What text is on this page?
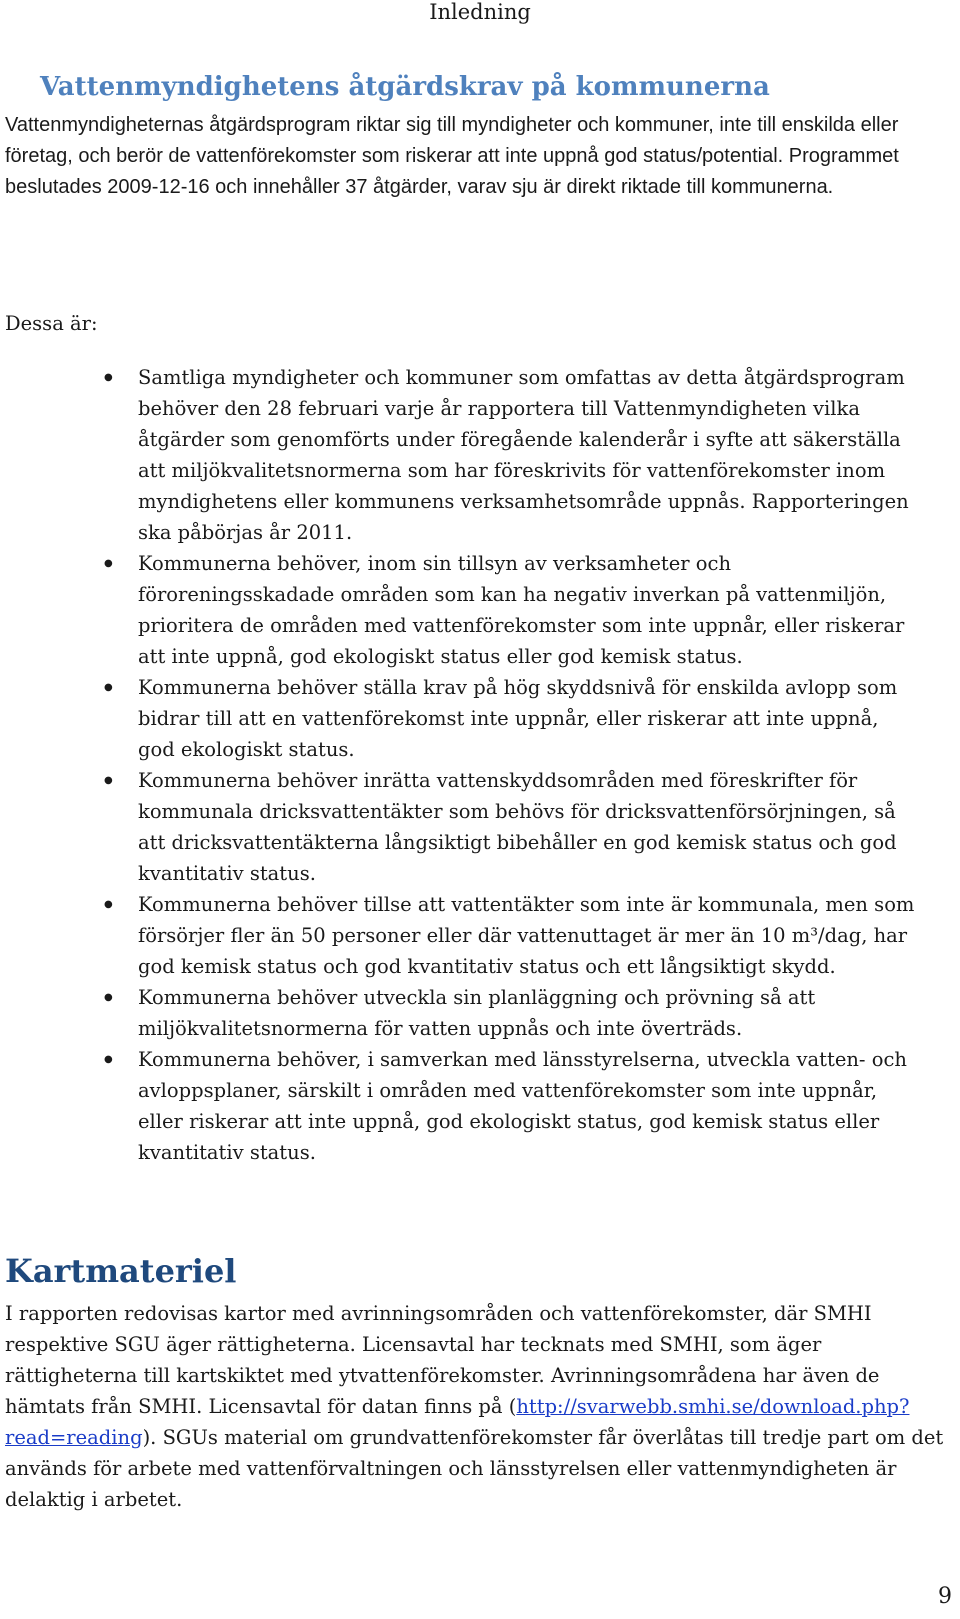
Inledning
Vattenmyndighetens åtgärdskrav på kommunerna
Vattenmyndigheternas åtgärdsprogram riktar sig till myndigheter och kommuner, inte till enskilda eller företag, och berör de vattenförekomster som riskerar att inte uppnå god status/potential. Programmet beslutades 2009-12-16 och innehåller 37 åtgärder, varav sju är direkt riktade till kommunerna.
Dessa är:
● Samtliga myndigheter och kommuner som omfattas av detta åtgärdsprogram behöver den 28 februari varje år rapportera till Vattenmyndigheten vilka åtgärder som genomförts under föregående kalenderår i syfte att säkerställa att miljökvalitetsnormerna som har föreskrivits för vattenförekomster inom myndighetens eller kommunens verksamhetsområde uppnås. Rapporteringen ska påbörjas år 2011.
● Kommunerna behöver, inom sin tillsyn av verksamheter och föroreningsskadade områden som kan ha negativ inverkan på vattenmiljön, prioritera de områden med vattenförekomster som inte uppnår, eller riskerar att inte uppnå, god ekologiskt status eller god kemisk status.
● Kommunerna behöver ställa krav på hög skyddsnivå för enskilda avlopp som bidrar till att en vattenförekomst inte uppnår, eller riskerar att inte uppnå, god ekologiskt status.
● Kommunerna behöver inrätta vattenskyddsområden med föreskrifter för kommunala dricksvattentäkter som behövs för dricksvattenförsörjningen, så att dricksvattentäkterna långsiktigt bibehåller en god kemisk status och god kvantitativ status.
● Kommunerna behöver tillse att vattentäkter som inte är kommunala, men som försörjer fler än 50 personer eller där vattenuttaget är mer än 10 m³/dag, har god kemisk status och god kvantitativ status och ett långsiktigt skydd.
● Kommunerna behöver utveckla sin planläggning och prövning så att miljökvalitetsnormerna för vatten uppnås och inte överträds.
● Kommunerna behöver, i samverkan med länsstyrelserna, utveckla vatten- och avloppsplaner, särskilt i områden med vattenförekomster som inte uppnår, eller riskerar att inte uppnå, god ekologiskt status, god kemisk status eller kvantitativ status.
Kartmateriel
I rapporten redovisas kartor med avrinningsområden och vattenförekomster, där SMHI respektive SGU äger rättigheterna. Licensavtal har tecknats med SMHI, som äger rättigheterna till kartskiktet med ytvattenförekomster. Avrinningsområdena har även de hämtats från SMHI. Licensavtal för datan finns på (http://svarwebb.smhi.se/download.php?read=reading). SGUs material om grundvattenförekomster får överlåtas till tredje part om det används för arbete med vattenförvaltningen och länsstyrelsen eller vattenmyndigheten är delaktig i arbetet.
9
